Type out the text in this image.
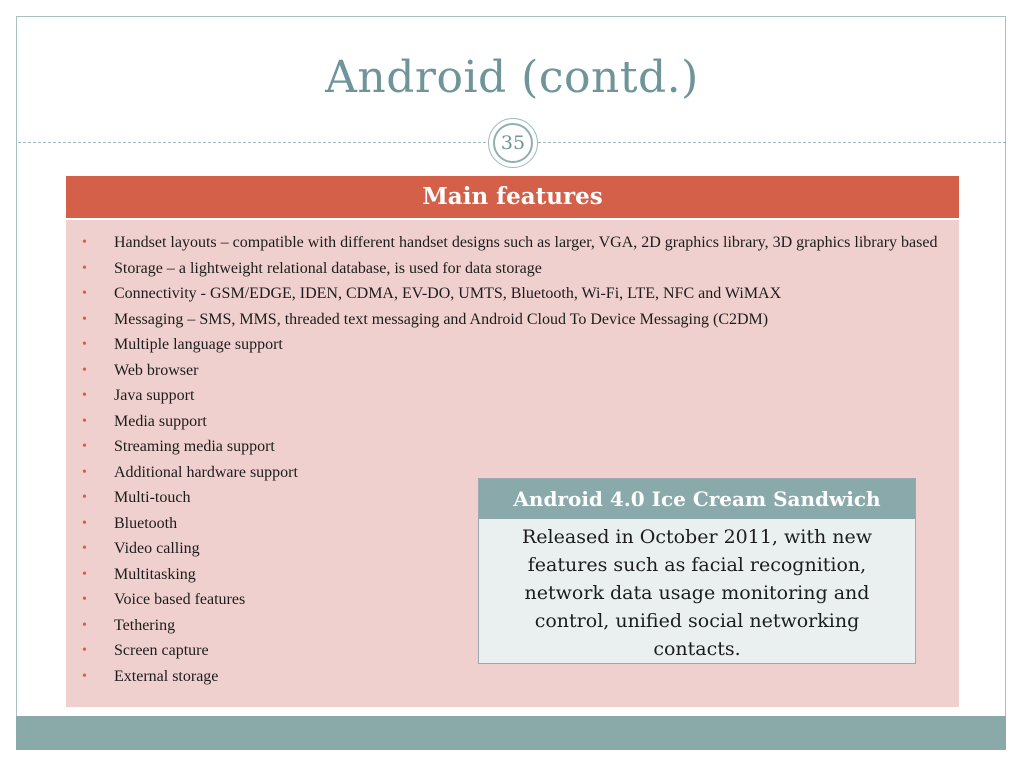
Android (contd.)
35
Main features
• Handset layouts – compatible with different handset designs such as larger, VGA, 2D graphics library, 3D graphics library based
• Storage – a lightweight relational database, is used for data storage
• Connectivity - GSM/EDGE, IDEN, CDMA, EV-DO, UMTS, Bluetooth, Wi-Fi, LTE, NFC and WiMAX
• Messaging – SMS, MMS, threaded text messaging and Android Cloud To Device Messaging (C2DM)
• Multiple language support
• Web browser
• Java support
• Media support
• Streaming media support
• Additional hardware support
• Multi-touch
• Bluetooth
• Video calling
• Multitasking
• Voice based features
• Tethering
• Screen capture
• External storage
Android 4.0 Ice Cream Sandwich
Released in October 2011, with new features such as facial recognition, network data usage monitoring and control, unified social networking contacts.
